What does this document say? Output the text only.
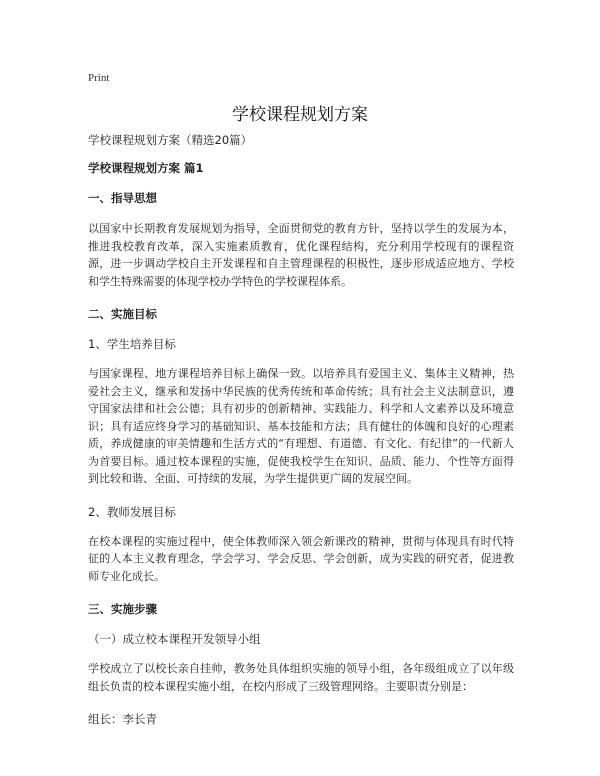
Print
学校课程规划方案
学校课程规划方案（精选20篇）
学校课程规划方案 篇1
一、指导思想

以国家中长期教育发展规划为指导，全面贯彻党的教育方针，坚持以学生的发展为本，推进我校教育改革，深入实施素质教育，优化课程结构，充分利用学校现有的课程资源，进一步调动学校自主开发课程和自主管理课程的积极性，逐步形成适应地方、学校和学生特殊需要的体现学校办学特色的学校课程体系。

二、实施目标
1、学生培养目标

与国家课程、地方课程培养目标上确保一致。以培养具有爱国主义、集体主义精神，热爱社会主义，继承和发扬中华民族的优秀传统和革命传统；具有社会主义法制意识，遵守国家法律和社会公德；具有初步的创新精神、实践能力、科学和人文素养以及环境意识；具有适应终身学习的基础知识、基本技能和方法；具有健壮的体魄和良好的心理素质，养成健康的审美情趣和生活方式的“有理想、有道德、有文化、有纪律”的一代新人为首要目标。通过校本课程的实施，促使我校学生在知识、品质、能力、个性等方面得到比较和谐、全面、可持续的发展，为学生提供更广阔的发展空间。

2、教师发展目标

在校本课程的实施过程中，使全体教师深入领会新课改的精神，贯彻与体现具有时代特征的人本主义教育理念，学会学习、学会反思、学会创新，成为实践的研究者，促进教师专业化成长。

三、实施步骤
（一）成立校本课程开发领导小组

学校成立了以校长亲自挂帅，教务处具体组织实施的领导小组，各年级组成立了以年级组长负责的校本课程实施小组，在校内形成了三级管理网络。主要职责分别是：

组长：李长青
